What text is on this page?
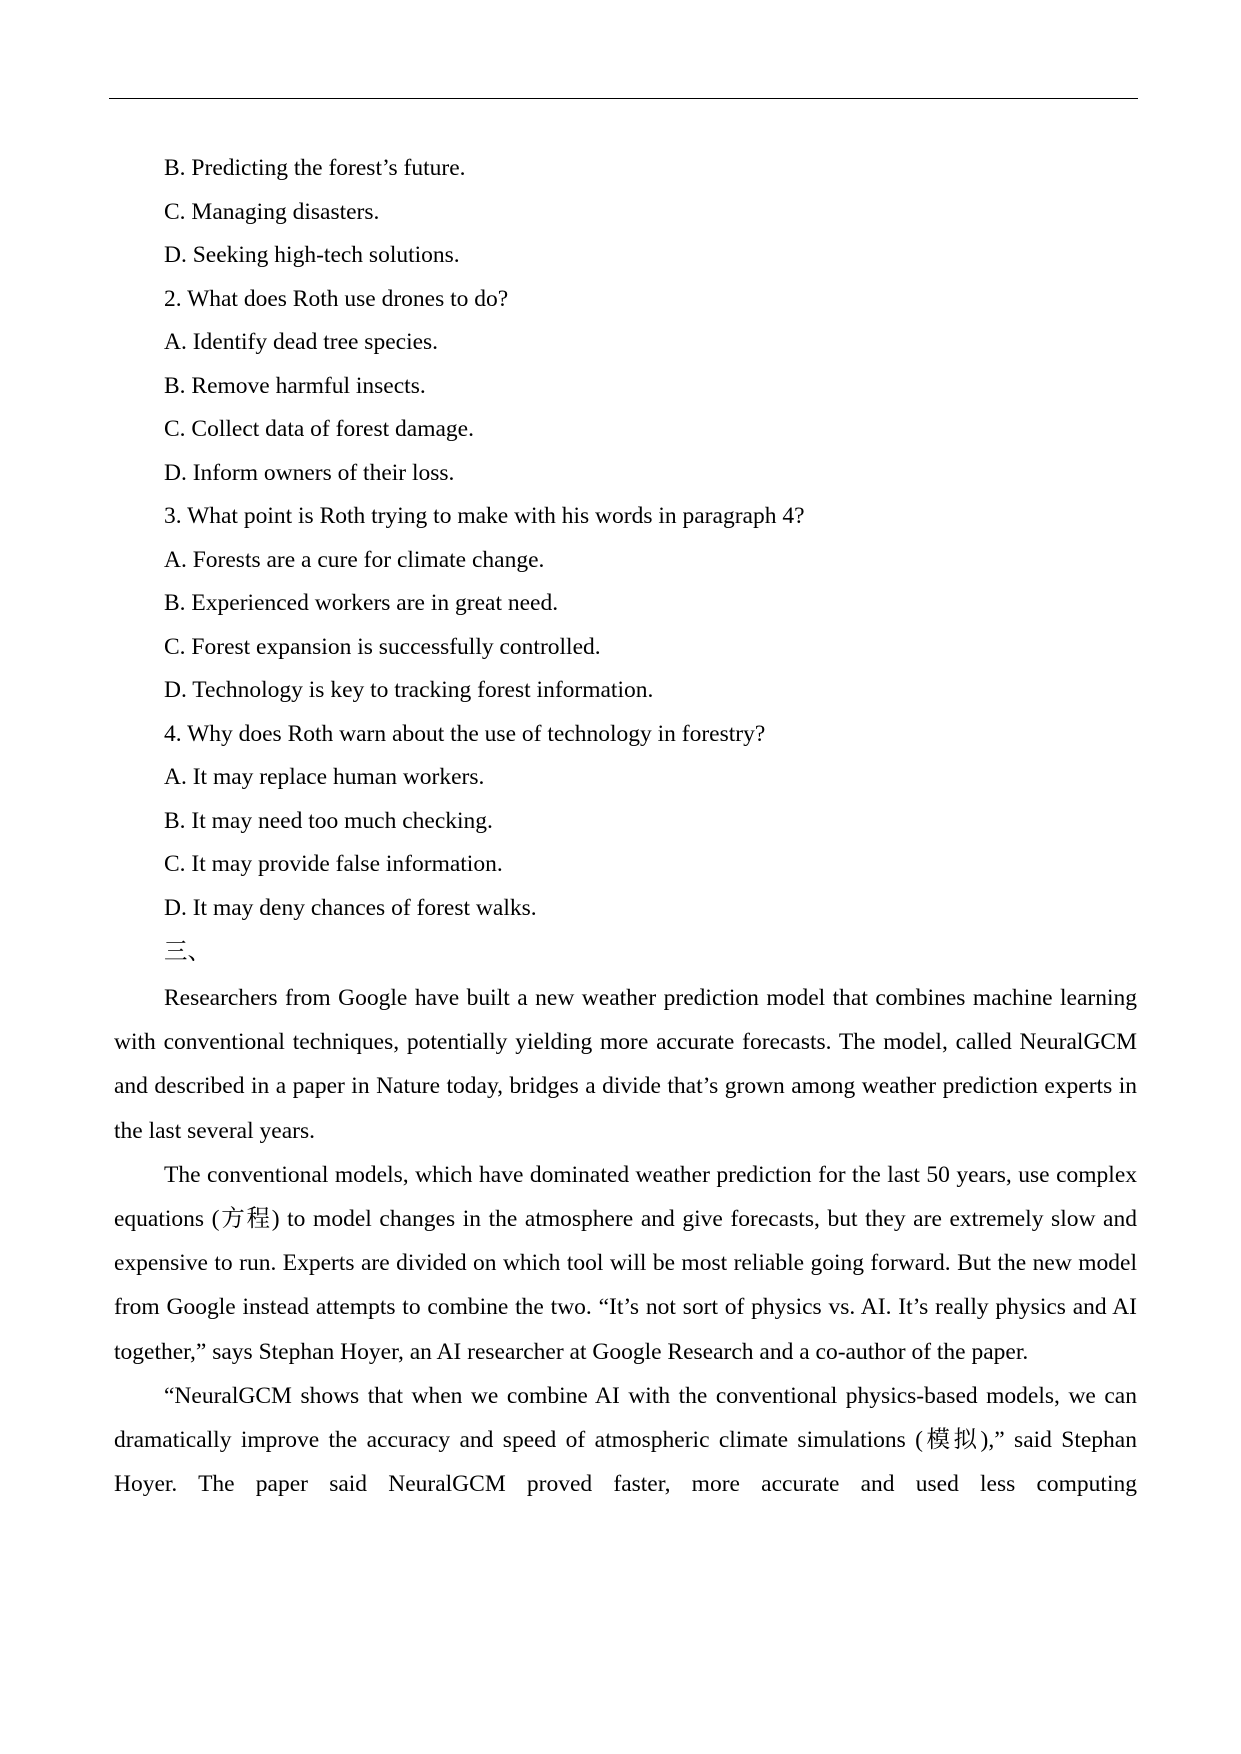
B. Predicting the forest’s future.
C. Managing disasters.
D. Seeking high-tech solutions.
2. What does Roth use drones to do?
A. Identify dead tree species.
B. Remove harmful insects.
C. Collect data of forest damage.
D. Inform owners of their loss.
3. What point is Roth trying to make with his words in paragraph 4?
A. Forests are a cure for climate change.
B. Experienced workers are in great need.
C. Forest expansion is successfully controlled.
D. Technology is key to tracking forest information.
4. Why does Roth warn about the use of technology in forestry?
A. It may replace human workers.
B. It may need too much checking.
C. It may provide false information.
D. It may deny chances of forest walks.
三、

Researchers from Google have built a new weather prediction model that combines machine learning with conventional techniques, potentially yielding more accurate forecasts. The model, called NeuralGCM and described in a paper in Nature today, bridges a divide that’s grown among weather prediction experts in the last several years.

The conventional models, which have dominated weather prediction for the last 50 years, use complex equations (方程) to model changes in the atmosphere and give forecasts, but they are extremely slow and expensive to run. Experts are divided on which tool will be most reliable going forward. But the new model from Google instead attempts to combine the two. “It’s not sort of physics vs. AI. It’s really physics and AI together,” says Stephan Hoyer, an AI researcher at Google Research and a co-author of the paper.

“NeuralGCM shows that when we combine AI with the conventional physics-based models, we can dramatically improve the accuracy and speed of atmospheric climate simulations (模拟),” said Stephan Hoyer. The paper said NeuralGCM proved faster, more accurate and used less computing
